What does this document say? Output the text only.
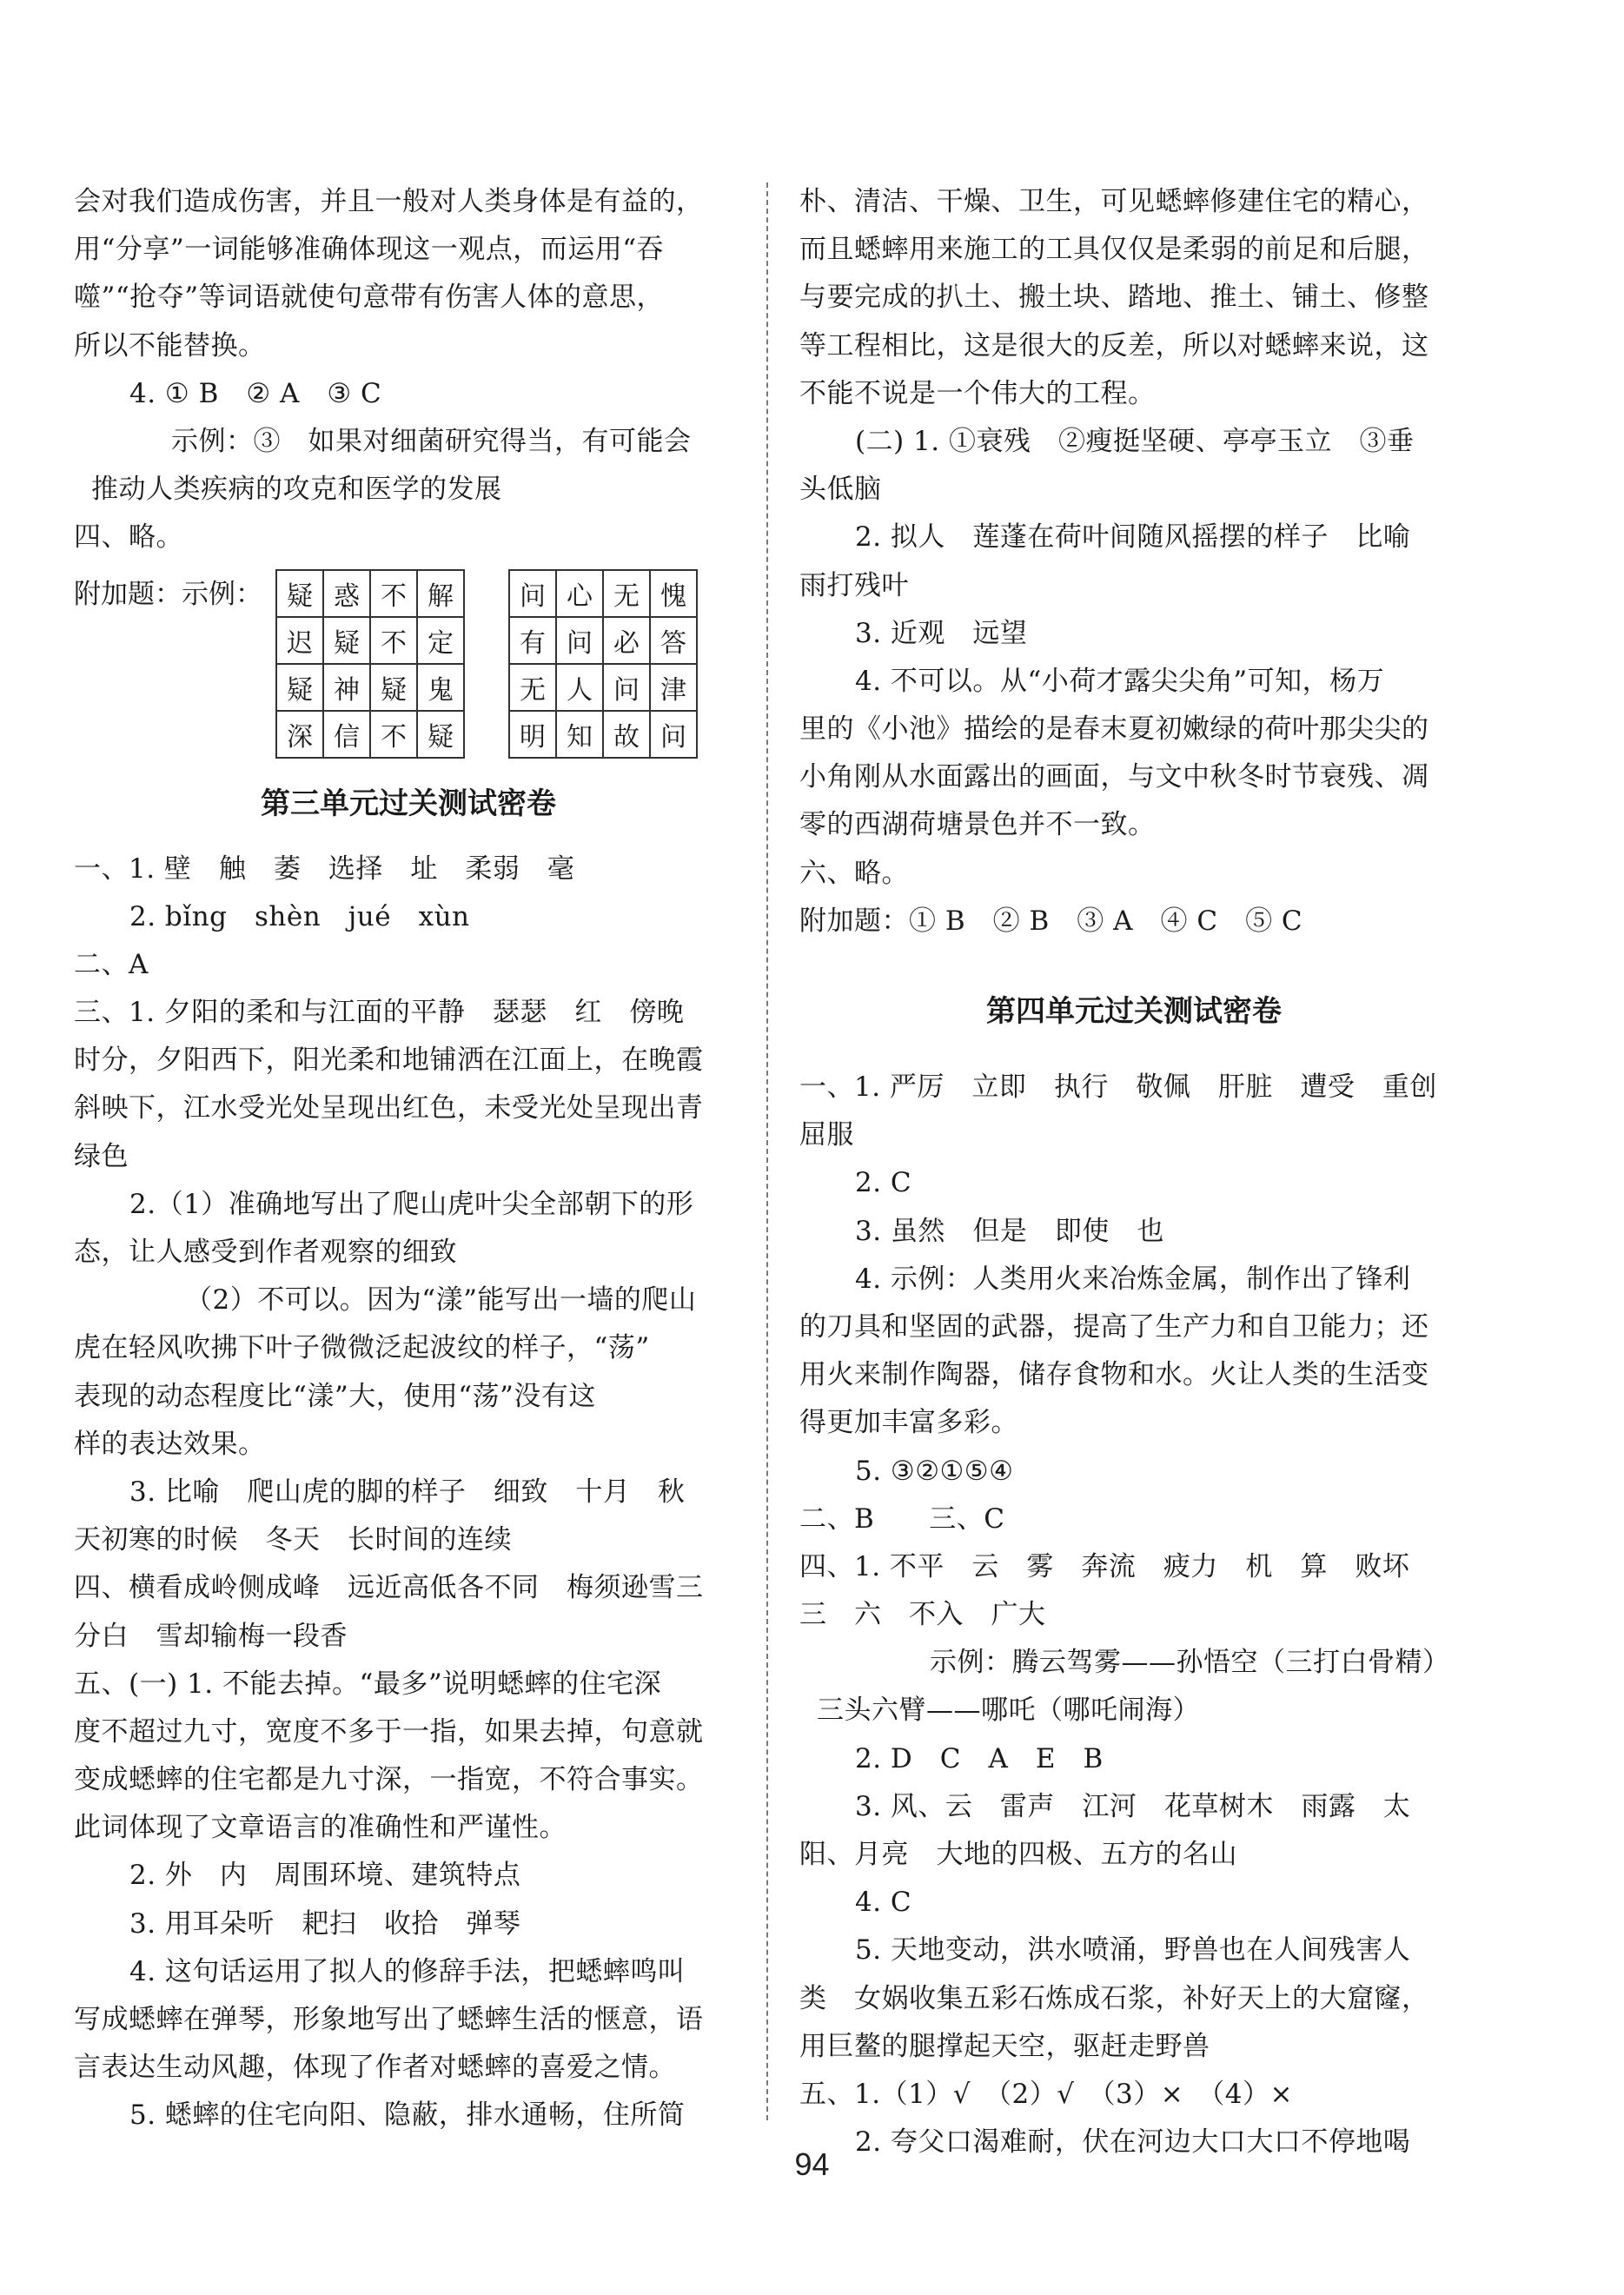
会对我们造成伤害，并且一般对人类身体是有益的，
用“分享”一词能够准确体现这一观点，而运用“吞
噬”“抢夺”等词语就使句意带有伤害人体的意思，
所以不能替换。
4. ① B　② A　③ C
示例：③　如果对细菌研究得当，有可能会
推动人类疾病的攻克和医学的发展
四、略。
附加题：示例： 疑	惑	不	解
迟	疑	不	定
疑	神	疑	鬼
深	信	不	疑
问	心	无	愧
有	问	必	答
无	人	问	津
明	知	故	问
第三单元过关测试密卷
一、1. 壁　触　萎　选择　址　柔弱　毫
2. bǐng　shèn　jué　xùn
二、A
三、1. 夕阳的柔和与江面的平静　瑟瑟　红　傍晚
时分，夕阳西下，阳光柔和地铺洒在江面上，在晚霞
斜映下，江水受光处呈现出红色，未受光处呈现出青
绿色
2.（1）准确地写出了爬山虎叶尖全部朝下的形
态，让人感受到作者观察的细致
（2）不可以。因为“漾”能写出一墙的爬山
虎在轻风吹拂下叶子微微泛起波纹的样子，“荡”
表现的动态程度比“漾”大，使用“荡”没有这
样的表达效果。
3. 比喻　爬山虎的脚的样子　细致　十月　秋
天初寒的时候　冬天　长时间的连续
四、横看成岭侧成峰　远近高低各不同　梅须逊雪三
分白　雪却输梅一段香
五、(一) 1. 不能去掉。“最多”说明蟋蟀的住宅深
度不超过九寸，宽度不多于一指，如果去掉，句意就
变成蟋蟀的住宅都是九寸深，一指宽，不符合事实。
此词体现了文章语言的准确性和严谨性。
2. 外　内　周围环境、建筑特点
3. 用耳朵听　耙扫　收拾　弹琴
4. 这句话运用了拟人的修辞手法，把蟋蟀鸣叫
写成蟋蟀在弹琴，形象地写出了蟋蟀生活的惬意，语
言表达生动风趣，体现了作者对蟋蟀的喜爱之情。
5. 蟋蟀的住宅向阳、隐蔽，排水通畅，住所简
朴、清洁、干燥、卫生，可见蟋蟀修建住宅的精心，
而且蟋蟀用来施工的工具仅仅是柔弱的前足和后腿，
与要完成的扒土、搬土块、踏地、推土、铺土、修整
等工程相比，这是很大的反差，所以对蟋蟀来说，这
不能不说是一个伟大的工程。
(二) 1. ①衰残　②瘦挺坚硬、亭亭玉立　③垂
头低脑
2. 拟人　莲蓬在荷叶间随风摇摆的样子　比喻
雨打残叶
3. 近观　远望
4. 不可以。从“小荷才露尖尖角”可知，杨万
里的《小池》描绘的是春末夏初嫩绿的荷叶那尖尖的
小角刚从水面露出的画面，与文中秋冬时节衰残、凋
零的西湖荷塘景色并不一致。
六、略。
附加题：① B　② B　③ A　④ C　⑤ C
第四单元过关测试密卷
一、1. 严厉　立即　执行　敬佩　肝脏　遭受　重创
屈服
2. C
3. 虽然　但是　即使　也
4. 示例：人类用火来冶炼金属，制作出了锋利
的刀具和坚固的武器，提高了生产力和自卫能力；还
用火来制作陶器，储存食物和水。火让人类的生活变
得更加丰富多彩。
5. ③②①⑤④
二、B　　三、C
四、1. 不平　云　雾　奔流　疲力　机　算　败坏
三　六　不入　广大
示例：腾云驾雾——孙悟空（三打白骨精）
三头六臂——哪吒（哪吒闹海）
2. D　C　A　E　B
3. 风、云　雷声　江河　花草树木　雨露　太
阳、月亮　大地的四极、五方的名山
4. C
5. 天地变动，洪水喷涌，野兽也在人间残害人
类　女娲收集五彩石炼成石浆，补好天上的大窟窿，
用巨鳌的腿撑起天空，驱赶走野兽
五、1.（1）√　（2）√　（3）×　（4）×
2. 夸父口渴难耐，伏在河边大口大口不停地喝
94
